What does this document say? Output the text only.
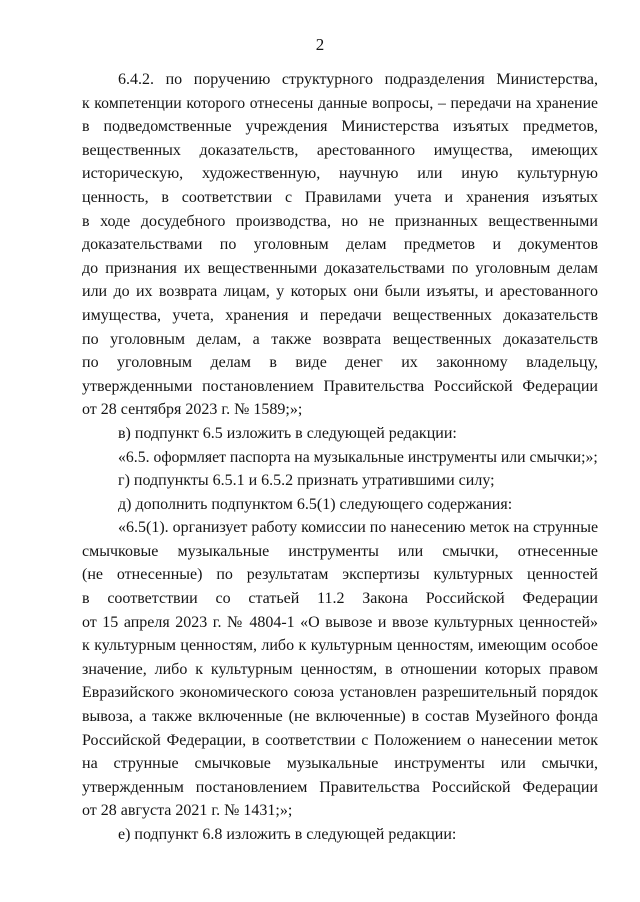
2
6.4.2. по поручению структурного подразделения Министерства,
к компетенции которого отнесены данные вопросы, – передачи на хранение
в подведомственные учреждения Министерства изъятых предметов,
вещественных доказательств, арестованного имущества, имеющих
историческую, художественную, научную или иную культурную
ценность, в соответствии с Правилами учета и хранения изъятых
в ходе досудебного производства, но не признанных вещественными
доказательствами по уголовным делам предметов и документов
до признания их вещественными доказательствами по уголовным делам
или до их возврата лицам, у которых они были изъяты, и арестованного
имущества, учета, хранения и передачи вещественных доказательств
по уголовным делам, а также возврата вещественных доказательств
по уголовным делам в виде денег их законному владельцу,
утвержденными постановлением Правительства Российской Федерации
от 28 сентября 2023 г. № 1589;»;
в) подпункт 6.5 изложить в следующей редакции:
«6.5. оформляет паспорта на музыкальные инструменты или смычки;»;
г) подпункты 6.5.1 и 6.5.2 признать утратившими силу;
д) дополнить подпунктом 6.5(1) следующего содержания:
«6.5(1). организует работу комиссии по нанесению меток на струнные
смычковые музыкальные инструменты или смычки, отнесенные
(не отнесенные) по результатам экспертизы культурных ценностей
в соответствии со статьей 11.2 Закона Российской Федерации
от 15 апреля 2023 г. № 4804-1 «О вывозе и ввозе культурных ценностей»
к культурным ценностям, либо к культурным ценностям, имеющим особое
значение, либо к культурным ценностям, в отношении которых правом
Евразийского экономического союза установлен разрешительный порядок
вывоза, а также включенные (не включенные) в состав Музейного фонда
Российской Федерации, в соответствии с Положением о нанесении меток
на струнные смычковые музыкальные инструменты или смычки,
утвержденным постановлением Правительства Российской Федерации
от 28 августа 2021 г. № 1431;»;
е) подпункт 6.8 изложить в следующей редакции:
